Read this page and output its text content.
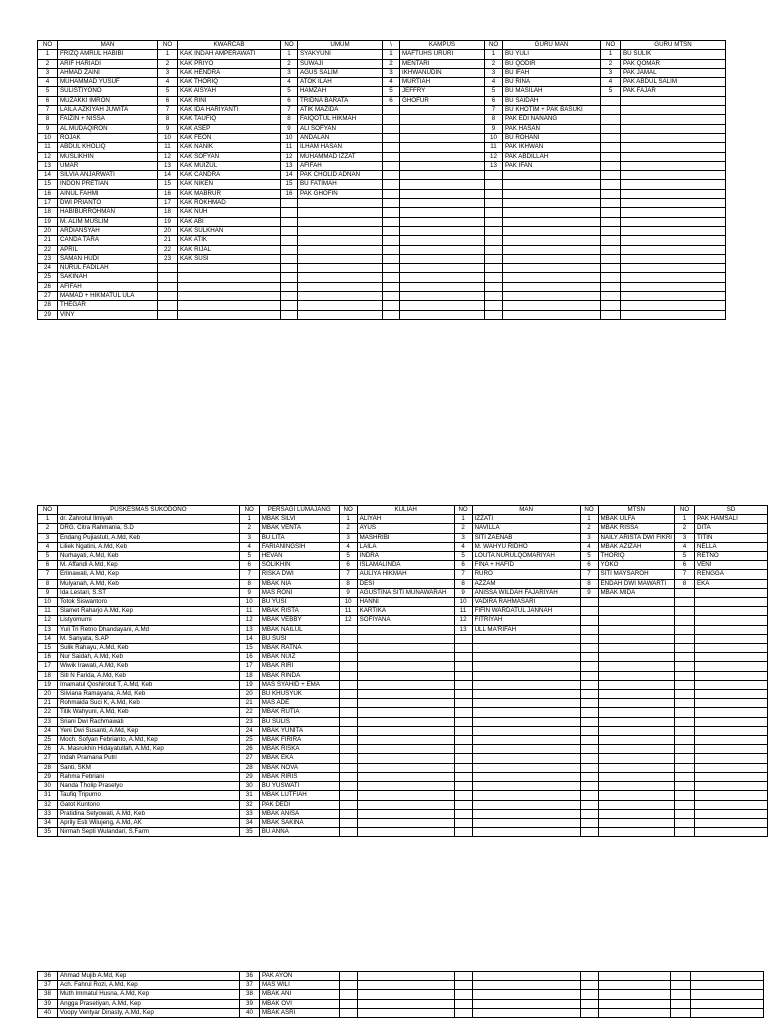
NO	MAN	NO	KWARCAB	NO	UMUM	\	KAMPUS	NO	GURU MAN	NO	GURU MTSN
1	FRIZQ AMRUL HABIBI	1	KAK INDAH AMPERAWATI	1	SYAKYUNI	1	MAFTUHS URURI	1	BU YULI	1	BU SULIK
2	ARIF HARIADI	2	KAK PRIYO	2	SUWAJI	2	MENTARI	2	BU QODIR	2	PAK QOMAR
3	AHMAD ZAINI	3	KAK HENDRA	3	AGUS SALIM	3	IKHWANUDIN	3	BU IFAH	3	PAK JAMAL
4	MUHAMMAD YUSUF	4	KAK THORIQ	4	ATOK ILAH	4	MURTIAH	4	BU RINA	4	PAK ABDUL SALIM
5	SULISTIYONO	5	KAK AISYAH	5	HAMZAH	5	JEFFRY	5	BU MASILAH	5	PAK FAJAR
6	MUZAKKI IMRON	6	KAK RINI	6	TRIDNA BARATA	6	GHOFUR	6	BU SAIDAH		
7	LAILA AZKIYAH JUWITA	7	KAK IDA HARIYANTI	7	ATIK MAZIDA			7	BU KHOTIM + PAK BASUKI		
8	FAIZIN + NISSA	8	KAK TAUFIQ	8	FAIQOTUL HIKMAH			8	PAK EDI NANANG		
9	AL MUDAQIRON	9	KAK ASEP	9	ALI SOFYAN			9	PAK HASAN		
10	ROJAK	10	KAK FEON	10	ANDALAN			10	BU ROHANI		
11	ABDUL KHOLIQ	11	KAK NANIK	11	ILHAM HASAN			11	PAK IKHWAN		
12	MUSLIKHIN	12	KAK SOFYAN	12	MUHAMMAD IZZAT			12	PAK ABDILLAH		
13	UMAR	13	KAK MUIZUL	13	AFIFAH			13	PAK IFAN		
14	SILVIA ANJARWATI	14	KAK CANDRA	14	PAK CHOLID ADNAN						
15	INDON PRETIAN	15	KAK NIKEN	15	BU FATIMAH						
16	AINUL FAHMI	16	KAK MABRUR	16	PAK GHOFIN						
17	DWI PRIANTO	17	KAK ROKHMAD								
18	HABIBURROHMAN	18	KAK NUH								
19	M. ALIM MUSLIM	19	KAK ABI								
20	ARDIANSYAH	20	KAK SULKHAN								
21	CANDA TARA	21	KAK ATIK								
22	APRIL	22	KAK RIJAL								
23	SAMAN HUDI	23	KAK SUSI								
24	NURUL FADILAH										
25	SAKINAH										
26	AFIFAH										
27	MAMAD + HIKMATUL ULA										
28	THEGAR										
29	VINY										
NO	PUSKESMAS SUKODONO	NO	PERSAGI LUMAJANG	NO	KULIAH	NO	MAN	NO	MTSN	NO	SD
1	dr. Zahrotul Ilmiyah	1	MBAK SILVI	1	ALIYAH	1	IZZATI	1	MBAK ULFA	1	PAK HAMSALI
2	DRG. Citra Rahmania, S.D	2	MBAK VENTA	2	AYUS	2	NAVILLA	2	MBAK RISSA	2	DITA
3	Endang Pujiastuti, A.Md, Keb	3	BU LITA	3	MASHRIBI	3	SITI ZAENAB	3	NAILY ARISTA DWI FIKRI	3	TITIN
4	Liliek Ngatini, A.Md, Keb	4	FARIANINGSIH	4	LAILA	4	M. WAHYU RIDHO	4	MBAK AZIZAH	4	NELLA
5	Nurhayati, A.Md, Keb	5	HEVAN	5	INDRA	5	LOUTA NURULQOMARIYAH	5	THORIQ	5	RETNO
6	M. Affandi A.Md, Kep	6	SOLIKHIN	6	ISLAMALINDA	6	FINA + HAFID	6	YOKO	6	VENI
7	Erlinawati, A.Md, Kep	7	RISKA DWI	7	AULIYA HIKMAH	7	RURO	7	SITI MAYSAROH	7	RENGGA
8	Mulyanah, A.Md, Keb	8	MBAK NIA	8	DESI	8	AZZAM	8	ENDAH DWI MAWARTI	8	EKA
9	Ida Lestari, S.ST	9	MAS RONI	9	AGUSTINA SITI MUNAWARAH	9	ANISSA WILDAH FAJARIYAH	9	MBAK MIDA		
10	Totok Siswantoro	10	BU YUSI	10	HANNI	10	VADIRA RAHMASARI				
11	Slamet Raharjo A.Md, Kep	11	MBAK RISTA	11	KARTIKA	11	FIFIN WARDATUL JANNAH				
12	Listyomurni	12	MBAK VEBBY	12	SOFIYANA	12	FITRIYAH				
13	Yuli Tri Retno Dhandayani, A.Md	13	MBAK NAILUL			13	ULL MA'RIFAH				
14	M. Sanyata, S.AP	14	BU SUSI								
15	Sulik Rahayu, A.Md, Keb	15	MBAK RATNA								
16	Nur Saidah, A.Md, Keb	16	MBAK NUIZ								
17	Wiwik Irawati, A.Md, Keb	17	MBAK RIRI								
18	Siti N Farida, A.Md, Keb	18	MBAK RINDA								
19	Imamatul Qoshirotut T, A.Md, Keb	19	MAS SYAHID + EMA								
20	Silviana Ramayana, A.Md, Keb	20	BU KHUSYUK								
21	Rohmaida Suci K, A.Md, Keb	21	MAS ADE								
22	Titik Wahyuni, A.Md, Keb	22	MBAK RUTIA								
23	Sriani Dwi Rachmawati	23	BU SULIS								
24	Yeni Dwi Susanti, A.Md, Kep	24	MBAK YUNITA								
25	Moch. Sofyan Febrianto, A.Md, Kep	25	MBAK FIRIRA								
26	A. Masrukhin Hidayatullah, A.Md, Kep	26	MBAK RISKA								
27	Indah Pramana Putri	27	MBAK EKA								
28	Santi, SKM	28	MBAK NOVA								
29	Rahma Febriani	29	MBAK RIRIS								
30	Nanda Tholip Prasetyo	30	BU YUSWATI								
31	Taufiq Tripurno	31	MBAK LUTFIAH								
32	Gatot Kuntono	32	PAK DEDI								
33	Pratidina Setyowati, A.Md, Keb	33	MBAK ANISA								
34	Aprily Esti Wilujeng, A.Md, AK	34	MBAK SAKINA								
35	Nirmah Septi Wulandari, S.Farm	35	BU ANNA								
36	Ahmad Mujib A.Md, Kep	36	PAK AYON								
37	Ach. Fahrul Rozi, A.Md, Kep	37	MAS WILI								
38	Muth Immatul Husna, A.Md, Kep	38	MBAK ANI								
39	Angga Prasetiyan, A.Md, Kep	39	MBAK OVI								
40	Voopy Ventyar Dinasty, A.Md, Kep	40	MBAK ASRI								
